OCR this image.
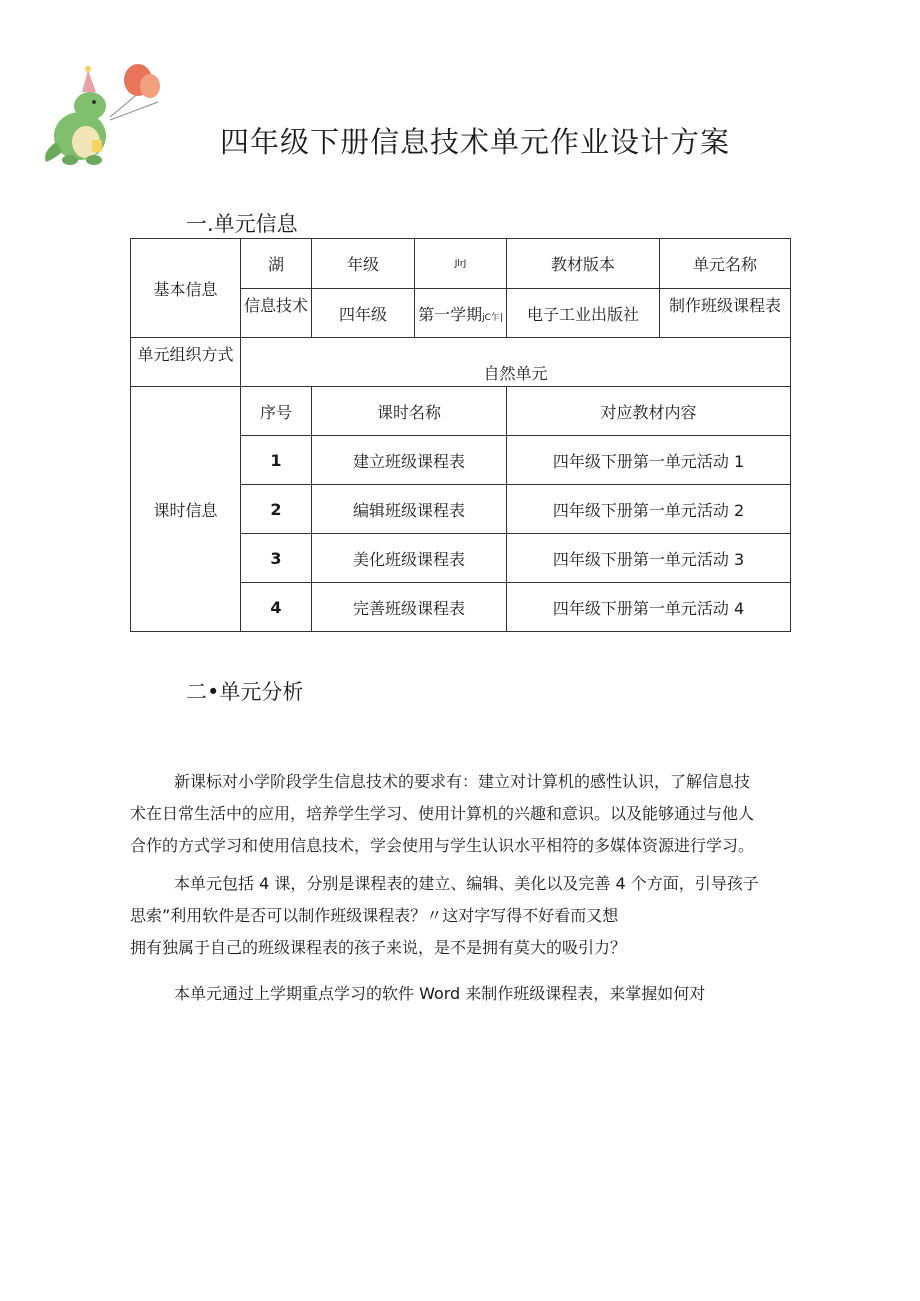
四年级下册信息技术单元作业设计方案
一.单元信息
基本信息	湖	年级	JlrJ	教材版本	单元名称
	信息技术	四年级	第一学期jC乍|	电子工业出版社	制作班级课程表
单元组织方式	自然单元				
课时信息	序号	课时名称		对应教材内容	
	1	建立班级课程表		四年级下册第一单元活动 1	
	2	编辑班级课程表		四年级下册第一单元活动 2	
	3	美化班级课程表		四年级下册第一单元活动 3	
	4	完善班级课程表		四年级下册第一单元活动 4	
二•单元分析
新课标对小学阶段学生信息技术的要求有：建立对计算机的感性认识，了解信息技
术在日常生活中的应用，培养学生学习、使用计算机的兴趣和意识。以及能够通过与他人
合作的方式学习和使用信息技术，学会使用与学生认识水平相符的多媒体资源进行学习。
本单元包括 4 课，分别是课程表的建立、编辑、美化以及完善 4 个方面，引导孩子
思索”利用软件是否可以制作班级课程表？〃这对字写得不好看而又想
拥有独属于自己的班级课程表的孩子来说，是不是拥有莫大的吸引力？
本单元通过上学期重点学习的软件 Word 来制作班级课程表，来掌握如何对
